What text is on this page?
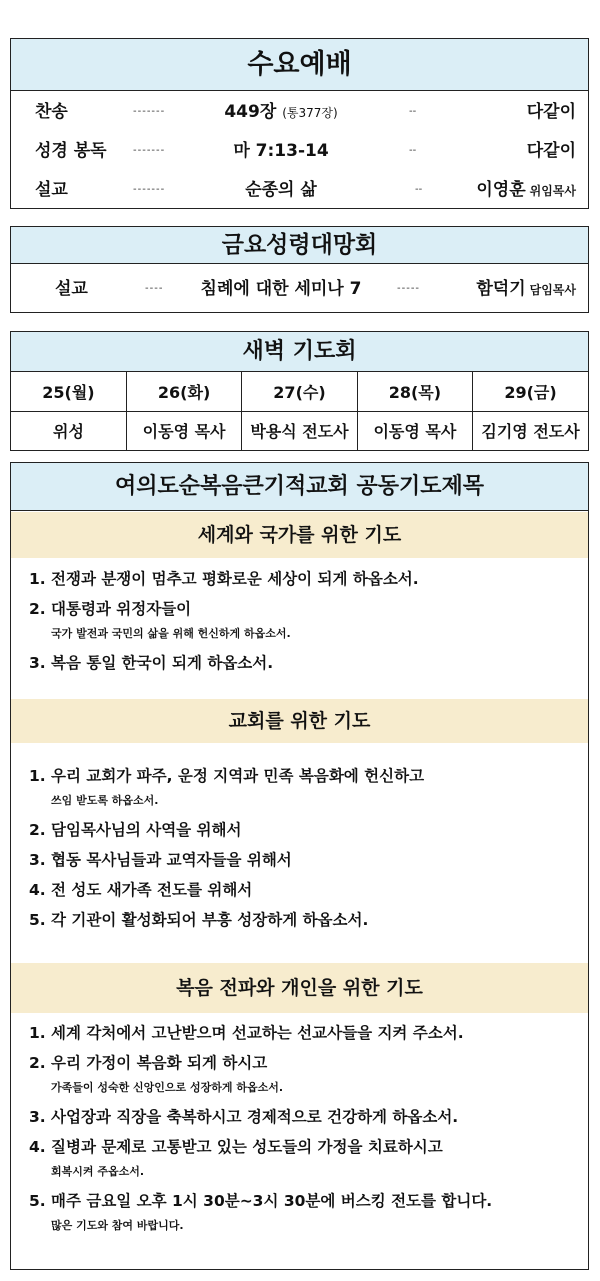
수요예배
찬송	-------	449장 (통377장)	--	다같이
성경 봉독	-------	마 7:13-14	--	다같이
설교	-------	순종의 삶	--	이영훈 위임목사
금요성령대망회
설교	----	침례에 대한 세미나 7	-----	함덕기 담임목사
새벽 기도회
25(월)	26(화)	27(수)	28(목)	29(금)
위성	이동영 목사	박용식 전도사	이동영 목사	김기영 전도사
여의도순복음큰기적교회 공동기도제목
세계와 국가를 위한 기도
1. 전쟁과 분쟁이 멈추고 평화로운 세상이 되게 하옵소서.
2. 대통령과 위정자들이
국가 발전과 국민의 삶을 위해 헌신하게 하옵소서.
3. 복음 통일 한국이 되게 하옵소서.
교회를 위한 기도
1. 우리 교회가 파주, 운정 지역과 민족 복음화에 헌신하고
쓰임 받도록 하옵소서.
2. 담임목사님의 사역을 위해서
3. 협동 목사님들과 교역자들을 위해서
4. 전 성도 새가족 전도를 위해서
5. 각 기관이 활성화되어 부흥 성장하게 하옵소서.
복음 전파와 개인을 위한 기도
1. 세계 각처에서 고난받으며 선교하는 선교사들을 지켜 주소서.
2. 우리 가정이 복음화 되게 하시고
가족들이 성숙한 신앙인으로 성장하게 하옵소서.
3. 사업장과 직장을 축복하시고 경제적으로 건강하게 하옵소서.
4. 질병과 문제로 고통받고 있는 성도들의 가정을 치료하시고
회복시켜 주옵소서.
5. 매주 금요일 오후 1시 30분~3시 30분에 버스킹 전도를 합니다.
많은 기도와 참여 바랍니다.
